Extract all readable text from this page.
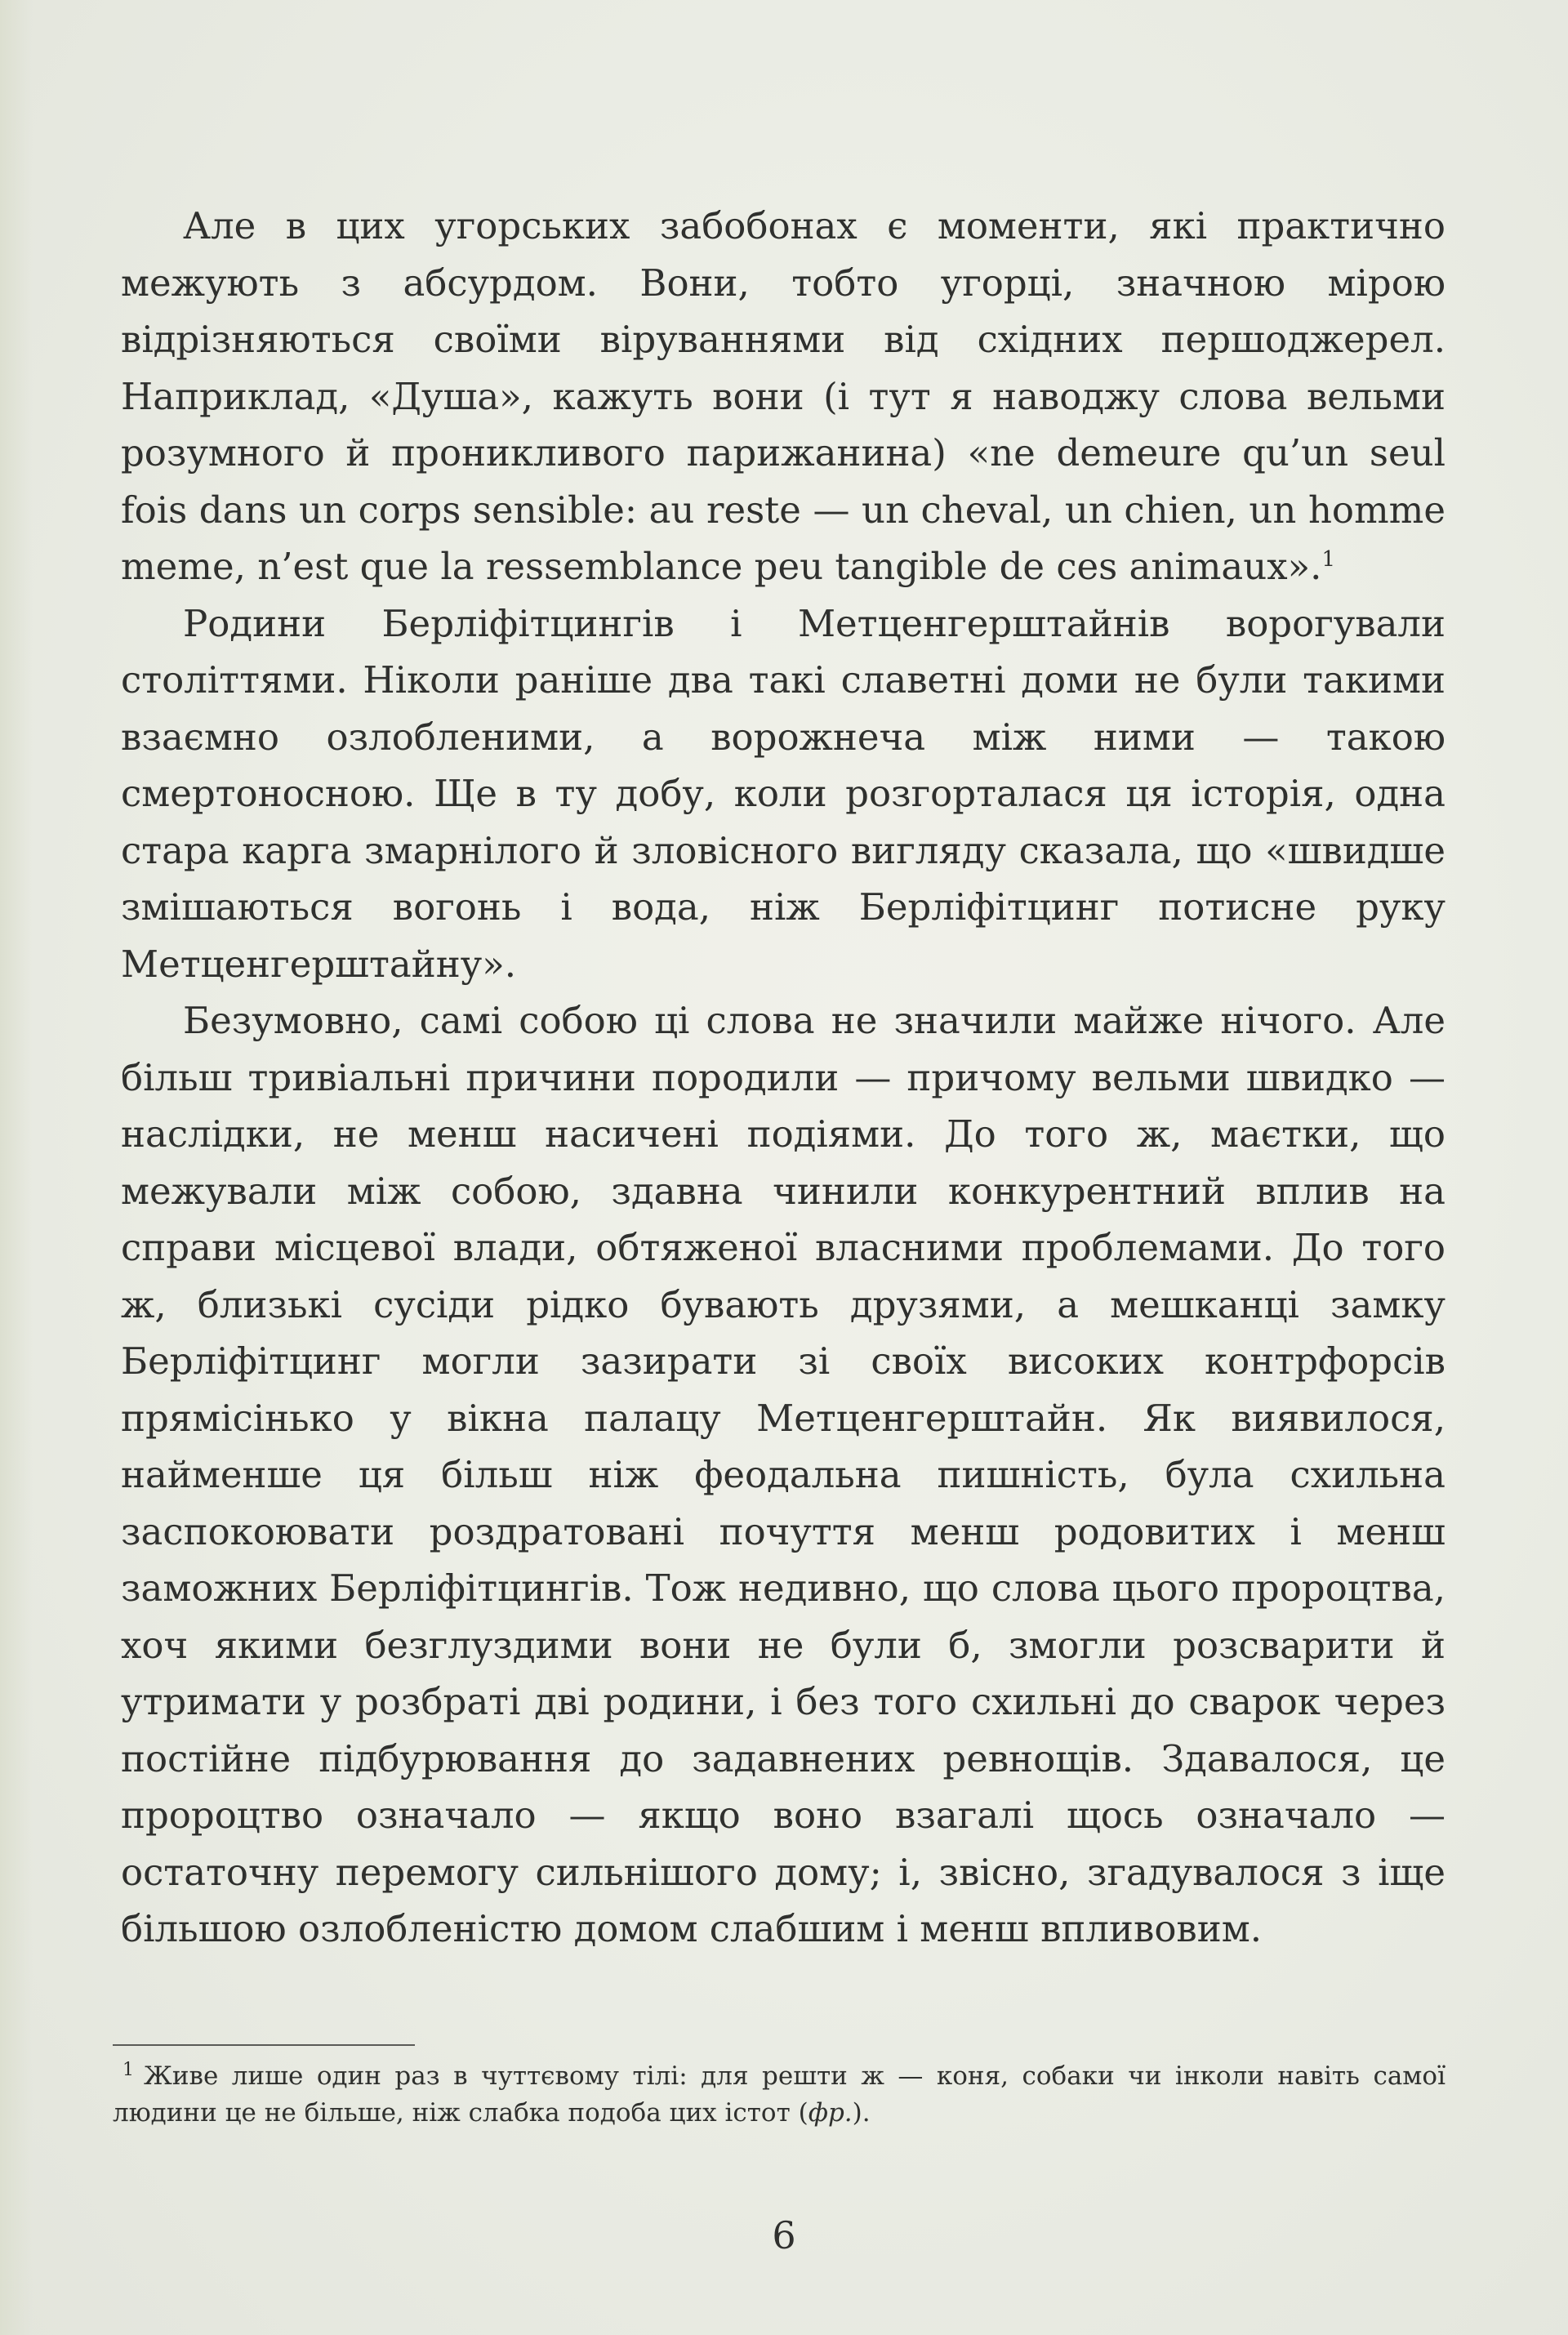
Але в цих угорських забобонах є моменти, які практично межують з абсурдом. Вони, тобто угорці, значною мірою відрізняються своїми віруваннями від східних першоджерел. Наприклад, «Душа», кажуть вони (і тут я наводжу слова вельми розумного й проникливого парижанина) «ne demeure qu’un seul fois dans un corps sensible: au reste — un cheval, un chien, un homme meme, n’est que la ressemblance peu tangible de ces animaux».$^1$

Родини Берліфітцингів і Метценгерштайнів ворогували століттями. Ніколи раніше два такі славетні доми не були такими взаємно озлобленими, а ворожнеча між ними — такою смертоносною. Ще в ту добу, коли розгорталася ця історія, одна стара карга змарнілого й зловісного вигляду сказала, що «швидше змішаються вогонь і вода, ніж Берліфітцинг потисне руку Метценгерштайну».

Безумовно, самі собою ці слова не значили майже нічого. Але більш тривіальні причини породили — причому вельми швидко — наслідки, не менш насичені подіями. До того ж, маєтки, що межували між собою, здавна чинили конкурентний вплив на справи місцевої влади, обтяженої власними проблемами. До того ж, близькі сусіди рідко бувають друзями, а мешканці замку Берліфітцинг могли зазирати зі своїх високих контрфорсів прямісінько у вікна палацу Метценгерштайн. Як виявилося, найменше ця більш ніж феодальна пишність, була схильна заспокоювати роздратовані почуття менш родовитих і менш заможних Берліфітцингів. Тож недивно, що слова цього пророцтва, хоч якими безглуздими вони не були б, змогли розсварити й утримати у розбраті дві родини, і без того схильні до сварок через постійне підбурювання до задавнених ревнощів. Здавалося, це пророцтво означало — якщо воно взагалі щось означало — остаточну перемогу сильнішого дому; і, звісно, згадувалося з іще більшою озлобленістю домом слабшим і менш впливовим.

$^1$ Живе лише один раз в чуттєвому тілі: для решти ж — коня, собаки чи інколи навіть самої людини це не більше, ніж слабка подоба цих істот (фр.).
6
